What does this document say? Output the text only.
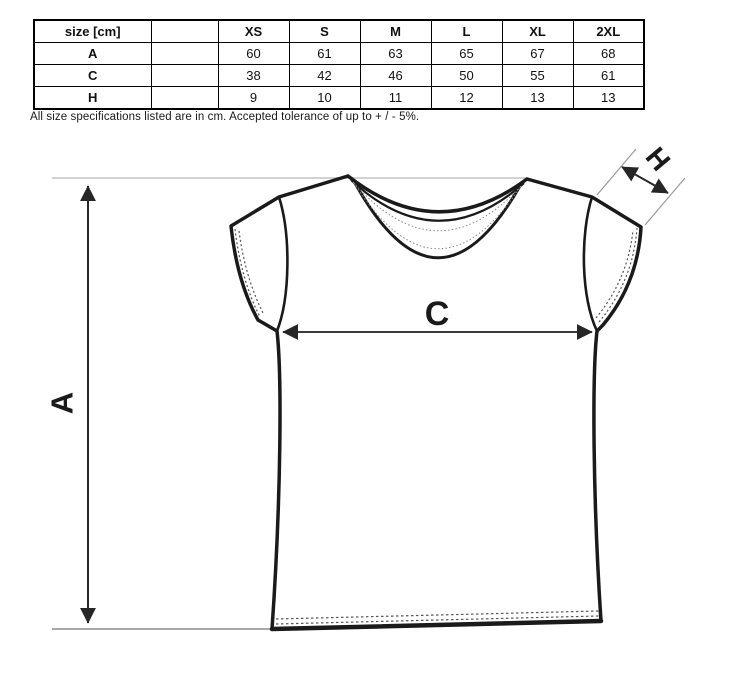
size [cm]		XS	S	M	L	XL	2XL
A		60	61	63	65	67	68
C		38	42	46	50	55	61
H		9	10	11	12	13	13
All size specifications listed are in cm. Accepted tolerance of up to + / - 5%.
A
C
H
